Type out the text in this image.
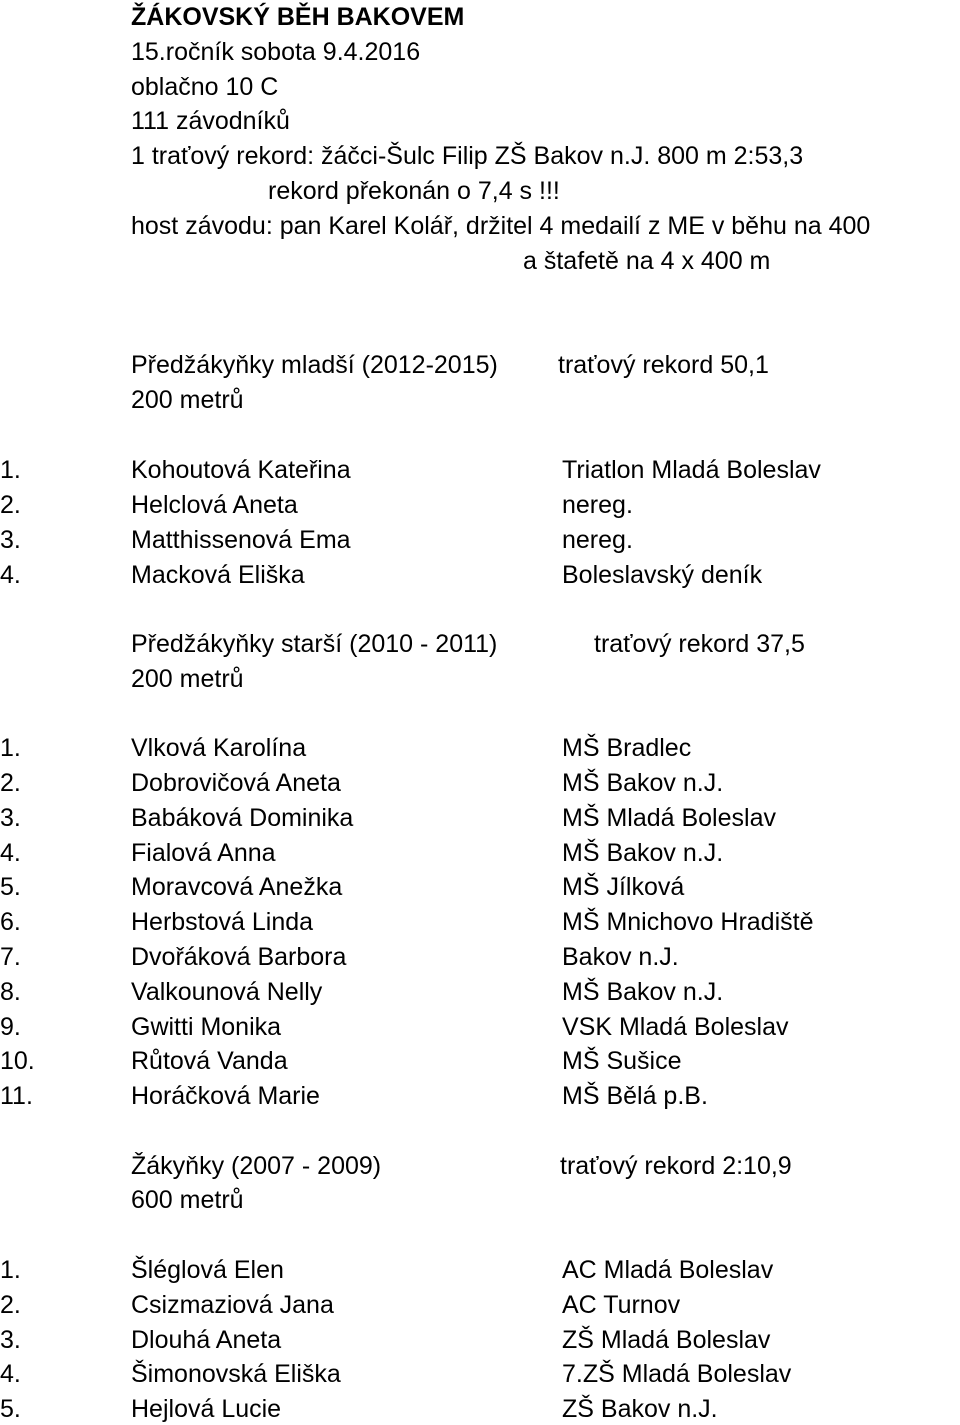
ŽÁKOVSKÝ BĚH BAKOVEM
15.ročník sobota 9.4.2016
oblačno 10 C
111 závodníků
1 traťový rekord: žáčci-Šulc Filip ZŠ Bakov n.J. 800 m 2:53,3
rekord překonán o 7,4 s !!!
host závodu: pan Karel Kolář, držitel 4 medailí z ME v běhu na 400
a štafetě na 4 x 400 m
Předžákyňky mladší (2012-2015) traťový rekord 50,1
200 metrů
1.	Kohoutová Kateřina	Triatlon Mladá Boleslav
2.	Helclová Aneta	nereg.
3.	Matthissenová Ema	nereg.
4.	Macková Eliška	Boleslavský deník
Předžákyňky starší (2010 - 2011)	traťový rekord 37,5
200 metrů
1.	Vlková Karolína	MŠ Bradlec
2.	Dobrovičová Aneta	MŠ Bakov n.J.
3.	Babáková Dominika	MŠ Mladá Boleslav
4.	Fialová Anna	MŠ Bakov n.J.
5.	Moravcová Anežka	MŠ Jílková
6.	Herbstová Linda	MŠ Mnichovo Hradiště
7.	Dvořáková Barbora	Bakov n.J.
8.	Valkounová Nelly	MŠ Bakov n.J.
9.	Gwitti Monika	VSK Mladá Boleslav
10.	Růtová Vanda	MŠ Sušice
11.	Horáčková Marie	MŠ Bělá p.B.
Žákyňky (2007 - 2009)	traťový rekord 2:10,9
600 metrů
1.	Šléglová Elen	AC Mladá Boleslav
2.	Csizmaziová Jana	AC Turnov
3.	Dlouhá Aneta	ZŠ Mladá Boleslav
4.	Šimonovská Eliška	7.ZŠ Mladá Boleslav
5.	Hejlová Lucie	ZŠ Bakov n.J.
